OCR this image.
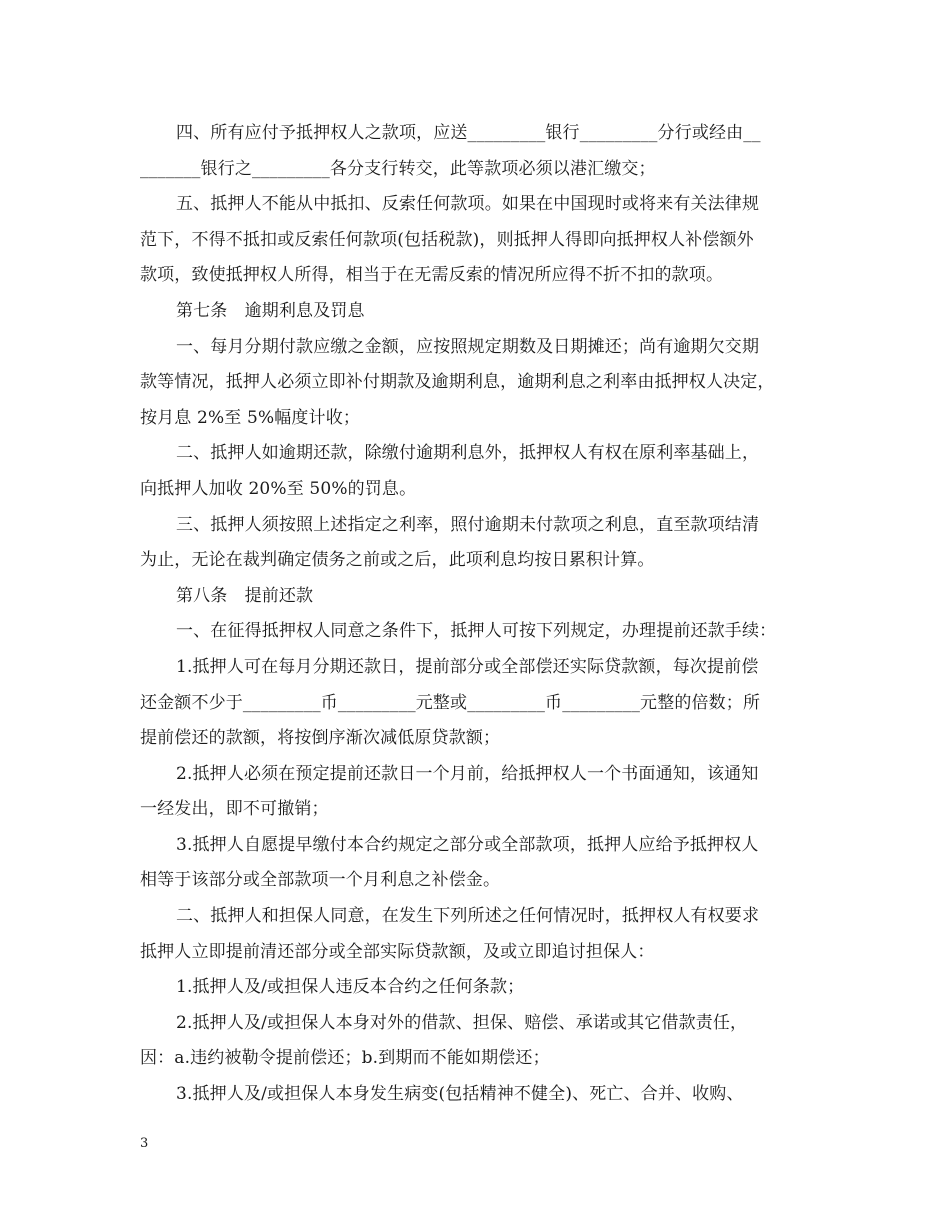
四、所有应付予抵押权人之款项，应送_________银行_________分行或经由__
_______银行之_________各分支行转交，此等款项必须以港汇缴交；
五、抵押人不能从中抵扣、反索任何款项。如果在中国现时或将来有关法律规
范下，不得不抵扣或反索任何款项(包括税款)，则抵押人得即向抵押权人补偿额外
款项，致使抵押权人所得，相当于在无需反索的情况所应得不折不扣的款项。
第七条　逾期利息及罚息
一、每月分期付款应缴之金额，应按照规定期数及日期摊还；尚有逾期欠交期
款等情况，抵押人必须立即补付期款及逾期利息，逾期利息之利率由抵押权人决定，
按月息 2%至 5%幅度计收；
二、抵押人如逾期还款，除缴付逾期利息外，抵押权人有权在原利率基础上，
向抵押人加收 20%至 50%的罚息。
三、抵押人须按照上述指定之利率，照付逾期未付款项之利息，直至款项结清
为止，无论在裁判确定债务之前或之后，此项利息均按日累积计算。
第八条　提前还款
一、在征得抵押权人同意之条件下，抵押人可按下列规定，办理提前还款手续：
1.抵押人可在每月分期还款日，提前部分或全部偿还实际贷款额，每次提前偿
还金额不少于_________币_________元整或_________币_________元整的倍数；所
提前偿还的款额，将按倒序渐次减低原贷款额；
2.抵押人必须在预定提前还款日一个月前，给抵押权人一个书面通知，该通知
一经发出，即不可撤销；
3.抵押人自愿提早缴付本合约规定之部分或全部款项，抵押人应给予抵押权人
相等于该部分或全部款项一个月利息之补偿金。
二、抵押人和担保人同意，在发生下列所述之任何情况时，抵押权人有权要求
抵押人立即提前清还部分或全部实际贷款额，及或立即追讨担保人：
1.抵押人及/或担保人违反本合约之任何条款；
2.抵押人及/或担保人本身对外的借款、担保、赔偿、承诺或其它借款责任，
因：a.违约被勒令提前偿还；b.到期而不能如期偿还；
3.抵押人及/或担保人本身发生病变(包括精神不健全)、死亡、合并、收购、
3
